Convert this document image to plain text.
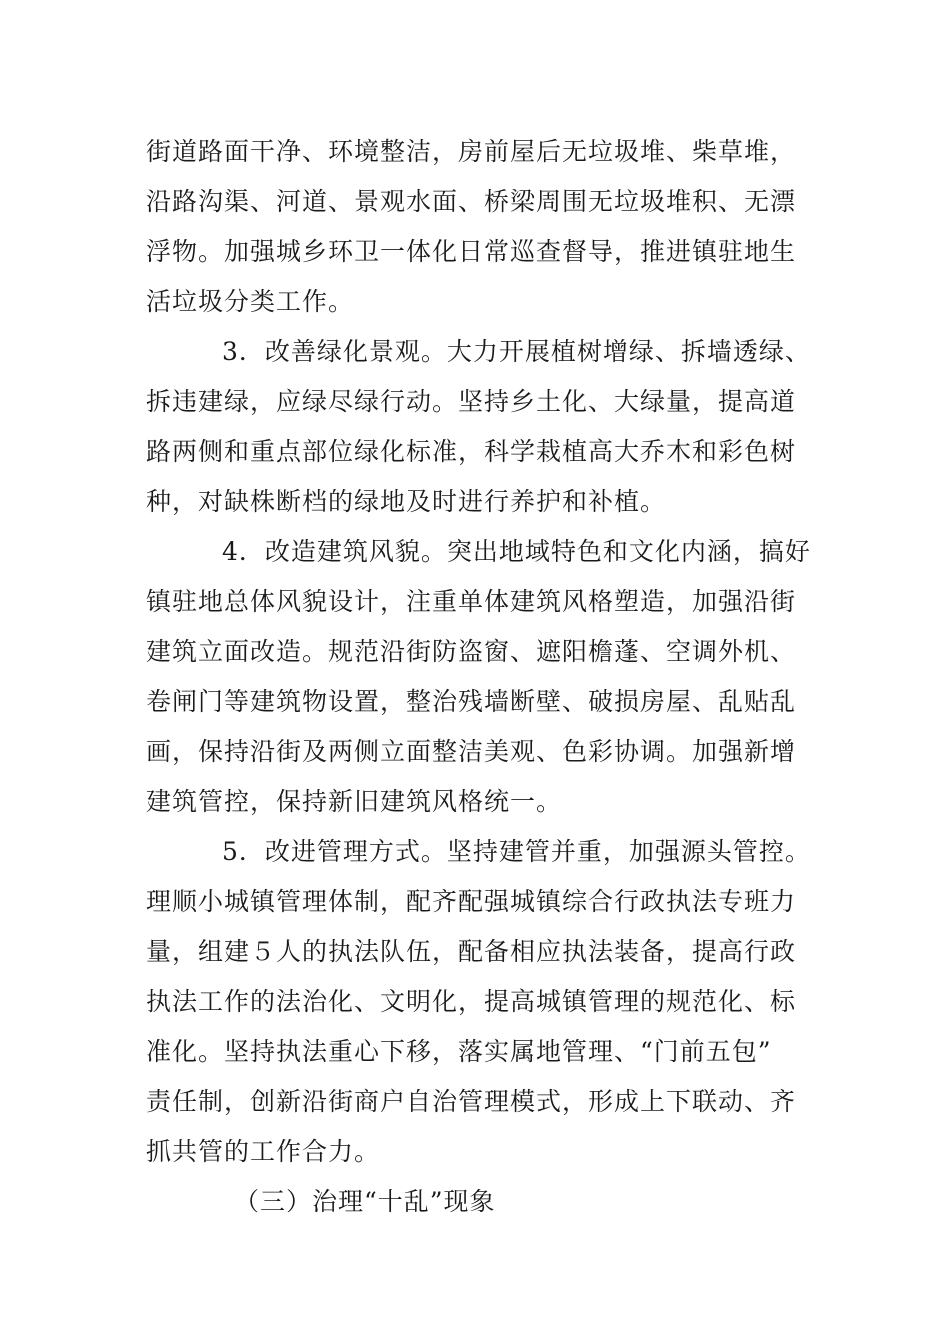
街道路面干净、环境整洁，房前屋后无垃圾堆、柴草堆，
沿路沟渠、河道、景观水面、桥梁周围无垃圾堆积、无漂
浮物。加强城乡环卫一体化日常巡查督导，推进镇驻地生
活垃圾分类工作。
3．改善绿化景观。大力开展植树增绿、拆墙透绿、
拆违建绿，应绿尽绿行动。坚持乡土化、大绿量，提高道
路两侧和重点部位绿化标准，科学栽植高大乔木和彩色树
种，对缺株断档的绿地及时进行养护和补植。
4．改造建筑风貌。突出地域特色和文化内涵，搞好
镇驻地总体风貌设计，注重单体建筑风格塑造，加强沿街
建筑立面改造。规范沿街防盗窗、遮阳檐蓬、空调外机、
卷闸门等建筑物设置，整治残墙断壁、破损房屋、乱贴乱
画，保持沿街及两侧立面整洁美观、色彩协调。加强新增
建筑管控，保持新旧建筑风格统一。
5．改进管理方式。坚持建管并重，加强源头管控。
理顺小城镇管理体制，配齐配强城镇综合行政执法专班力
量，组建５人的执法队伍，配备相应执法装备，提高行政
执法工作的法治化、文明化，提高城镇管理的规范化、标
准化。坚持执法重心下移，落实属地管理、“门前五包”
责任制，创新沿街商户自治管理模式，形成上下联动、齐
抓共管的工作合力。
（三）治理“十乱”现象
